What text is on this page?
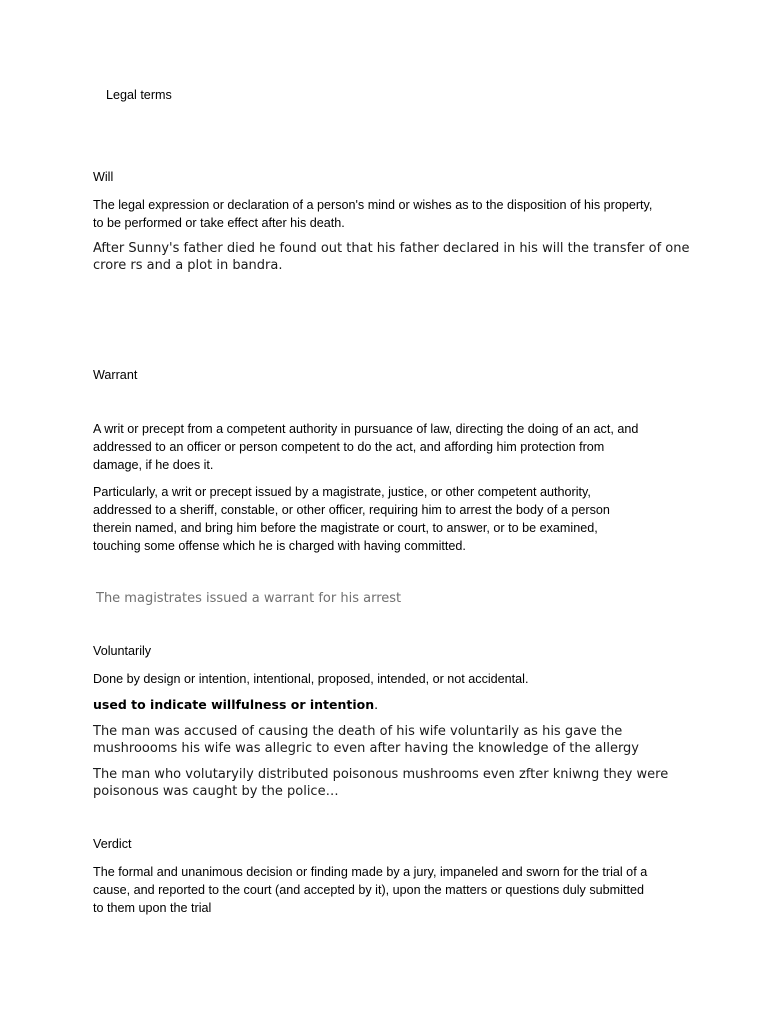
Legal terms

Will

The legal expression or declaration of a person's mind or wishes as to the disposition of his property,
to be performed or take effect after his death.

After Sunny's father died he found out that his father declared in his will the transfer of one
crore rs and a plot in bandra.

Warrant

A writ or precept from a competent authority in pursuance of law, directing the doing of an act, and
addressed to an officer or person competent to do the act, and affording him protection from
damage, if he does it.

Particularly, a writ or precept issued by a magistrate, justice, or other competent authority,
addressed to a sheriff, constable, or other officer, requiring him to arrest the body of a person
therein named, and bring him before the magistrate or court, to answer, or to be examined,
touching some offense which he is charged with having committed.

The magistrates issued a warrant for his arrest

Voluntarily

Done by design or intention, intentional, proposed, intended, or not accidental.

used to indicate willfulness or intention.

The man was accused of causing the death of his wife voluntarily as his gave the
mushroooms his wife was allegric to even after having the knowledge of the allergy

The man who volutaryily distributed poisonous mushrooms even zfter kniwng they were
poisonous was caught by the police…

Verdict

The formal and unanimous decision or finding made by a jury, impaneled and sworn for the trial of a
cause, and reported to the court (and accepted by it), upon the matters or questions duly submitted
to them upon the trial
